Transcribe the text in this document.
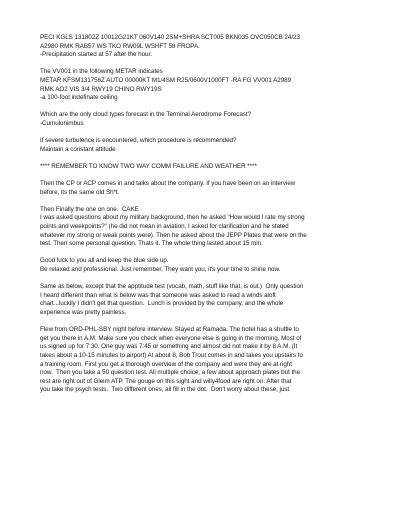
PECI KGLS 131802Z 10012G21KT 060V140 2SM+SHRA SCT005 BKN035 OVC050CB 24/23
A2980 RMK RAB57 WS TKO RW09L WSHFT 58 FROPA.
-Precipitation started at 57 after the hour.
The VV001 in the following METAR indicates
METAR KFSM131756Z AUTO 00000KT M1/4SM R25/0600V1000FT -RA FG VV001 A2989
RMK AO2 VIS 3/4 RWY19 CHINO RWY19S
-a 100-foot indefinate ceiling
Which are the only cloud types forecast in the Terminal Aerodrome Forecast?
-Cumulonimbus
If severe turbulence is encountered, which procedure is recommended?
Maintain a constant attitude
**** REMEMBER TO KNOW TWO WAY COMM FAILURE AND WEATHER ****
Then the CP or ACP comes in and talks about the company. If you have been on an interview
before, its the same old Sh*t.
Then Finally the one on one.  CAKE
I was asked questions about my military background, then he asked "How would I rate my strong
points and weekpoints?" (he did not mean in aviation, I asked for clarification and he stated
whatever my strong or weak points were). Then he asked about the JEPP Plates that were on the
test. Then some personal question. Thats it. The whole thing lasted about 15 min.
Good luck to you all and keep the blue side up.
Be relaxed and professional. Just remember, They want you, it's your time to shine now.
Same as below, except that the apptitude test (vocab, math, stuff like that, is out.)  Only question
I heard different than what is below was that someone was asked to read a winds aloft
chart...luckily I didn't get that question.  Lunch is provided by the company, and the whole
experience was pretty painless.
Flew from ORD-PHL-SBY night before interview. Stayed at Ramada. The hotel has a shuttle to
get you there in A.M. Make sure you check when everyone else is going in the morning. Most of
us signed up for 7:30. One guy was 7:45 or something and almost did not make it by 8 A.M. (It
takes about a 10-15 minutes to airport) At about 8, Bob Trout comes in and takes you upstairs to
a training room. First you get a thorough overview of the company and were they are at right
now.  Then you take a 50 question test. All multiple choice, a few about approach plates but the
rest are right out of Gleim ATP. The gouge on this sight and willy4food are right on. After that
you take the psych tests.  Two different ones, all fill in the dot.  Don't worry about these, just
